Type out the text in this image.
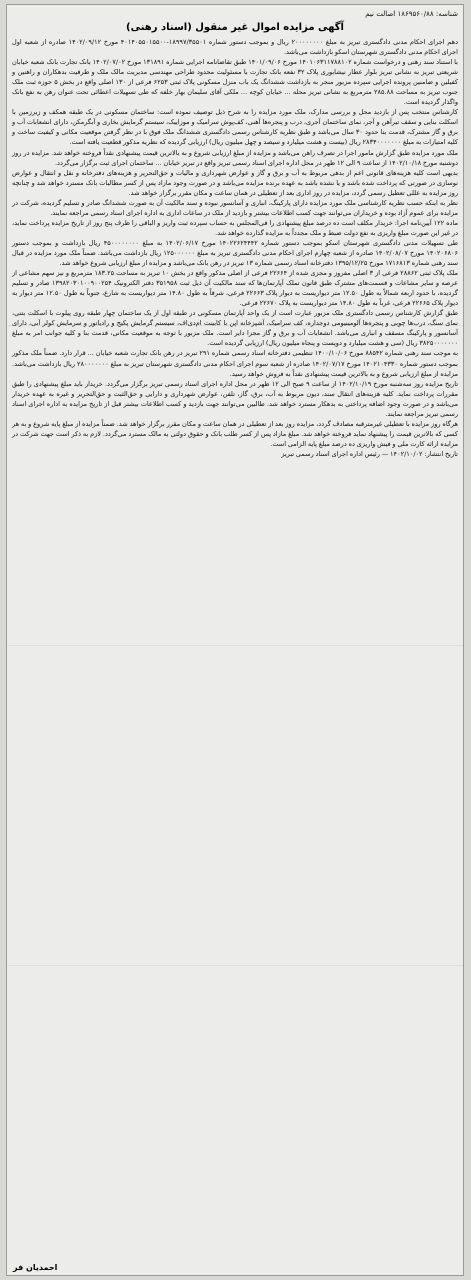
شناسه: ۱۸۶۹۵۶۰/۸۸ اصالت نیم
آگهی مزایده اموال غیر منقول (اسناد رهنی)

دهم اجرای احکام مدنی دادگستری تبریز به مبلغ ۲۰۰۰۰۰۰۰۰ ریال و بموجب دستور شماره ۱۸۹۹۷/۳۵۵۰۱-۴۰۱۴۰۵۵۰۱۵۵۰۰ مورخ ۱۴۰۲/۰۹/۱۲ صادره از شعبه اول اجرای احکام مدنی دادگستری شهرستان اسکو بازداشت می‌باشد.

با استناد سند رهنی و درخواست شماره ۱۴۰۱۰۶۳۱۱۷۸۸۱۰۲ مورخ ۱۴۰۱/۰۹/۰۶ طبق تقاضانامه اجرایی شماره ۱۳۱۸۹۱ مورخ ۱۴۰۲/۰۷/۰۲ بانک تجارت بانک شعبه خیابان شریعتی تبریز به نشانی تبریز بلوار عطار نیشابوری پلاک ۳۲ نفعه بانک تجارت با مسئولیت محدود طراحی مهندسی مدیریت مالک ملک و طرفیت بدهکاران و راهنین و کفیلین و ضامنین پرونده اجرایی سپرده مزبور منجر به بازداشت ششدانگ یک باب منزل مسکونی پلاک ثبتی ۶۲۵۳ فرعی از ۱۳۰ اصلی واقع در بخش ۵ حوزه ثبت ملک جنوب تبریز به مساحت ۲۸۵.۸۸ مترمربع به نشانی تبریز محله ... خیابان کوچه ... ملکی آقای سلیمان بهار خلفه که طی تسهیلات اعطائی تحت عنوان رهن به نفع بانک واگذار گردیده است.

کارشناس منتخب پس از بازدید محل و بررسی مدارک، ملک مورد مزایده را به شرح ذیل توصیف نموده است: ساختمان مسکونی در یک طبقه همکف و زیرزمین با اسکلت بنایی و سقف تیرآهن و آجر، نمای ساختمان آجری، درب و پنجره‌ها آهنی، کف‌پوش سرامیک و موزاییک، سیستم گرمایش بخاری و آبگرمکن، دارای انشعابات آب و برق و گاز مشترک، قدمت بنا حدود ۳۰ سال می‌باشد و طبق نظریه کارشناس رسمی دادگستری ششدانگ ملک فوق با در نظر گرفتن موقعیت مکانی و کیفیت ساخت و کلیه امتیازات به مبلغ ۲۸۳۴۰۰۰۰۰۰۰ ریال (بیست و هشت میلیارد و سیصد و چهل میلیون ریال) ارزیابی گردیده که نظریه مذکور قطعیت یافته است.

ملک مورد مزایده طبق گزارش مامور اجرا در تصرف راهن می‌باشد و مزایده از مبلغ ارزیابی شروع و به بالاترین قیمت پیشنهادی نقداً فروخته خواهد شد. مزایده در روز دوشنبه مورخ ۱۴۰۲/۱۰/۱۸ از ساعت ۹ الی ۱۲ ظهر در محل اداره اجرای اسناد رسمی تبریز واقع در تبریز خیابان ... ساختمان اجرای ثبت برگزار می‌گردد.

بدیهی است کلیه هزینه‌های قانونی اعم از بدهی مربوط به آب و برق و گاز و عوارض شهرداری و مالیات و حق‌التحریر و هزینه‌های دفترخانه و نقل و انتقال و عوارض نوسازی در صورتی که پرداخت شده باشد و یا نشده باشد به عهده برنده مزایده می‌باشد و در صورت وجود مازاد پس از کسر مطالبات بانک مسترد خواهد شد و چنانچه روز مزایده به عللی تعطیل رسمی گردد، مزایده در روز اداری بعد از تعطیلی در همان ساعت و مکان مقرر برگزار خواهد شد.

نظر به اینکه حسب نظریه کارشناسی ملک مورد مزایده دارای پارکینگ، انباری و آسانسور نبوده و سند مالکیت آن به صورت ششدانگ صادر و تسلیم گردیده، شرکت در مزایده برای عموم آزاد بوده و خریداران می‌توانند جهت کسب اطلاعات بیشتر و بازدید از ملک در ساعات اداری به اداره اجرای اسناد رسمی مراجعه نمایند.

ماده ۱۲۲ آیین‌نامه اجرا: خریدار مکلف است ده درصد مبلغ پیشنهادی را فی‌المجلس به حساب سپرده ثبت واریز و الباقی را ظرف پنج روز از تاریخ مزایده پرداخت نماید، در غیر این صورت مبلغ واریزی به نفع دولت ضبط و ملک مجدداً به مزایده گذارده خواهد شد.

طی تسهیلات مدنی دادگستری شهرستان اسکو بموجب دستور شماره ۱۴۰۲۲۶۲۴۴۴۲ مورخ ۱۴۰۲/۰۶/۱۷ به مبلغ ۴۵۰۰۰۰۰۰۰۰ ریال بازداشت و بموجب دستور ۱۴۰۲۰۶۸۰۶ مورخ ۱۴۰۲/۰۸/۰۷ صادره از شعبه چهارم اجرای احکام مدنی دادگستری تبریز به مبلغ ۱۲۵۰۰۰۰۰۰ ریال بازداشت می‌باشد. ضمناً ملک مورد مزایده در قبال سند رهنی شماره ۱۷۱۶۸۱۳ مورخ ۱۳۹۵/۱۲/۲۵ دفترخانه اسناد رسمی شماره ۱۳ تبریز در رهن بانک می‌باشد و مزایده از مبلغ ارزیابی شروع خواهد شد.

ملک پلاک ثبتی ۲۸۸۶۲ فرعی از ۳ اصلی مفروز و مجزی شده از ۲۲۶۶۴ فرعی از اصلی مذکور واقع در بخش ۱۰ تبریز به مساحت ۱۸۳.۲۵ مترمربع و نیز سهم مشاعی از عرصه و سایر مشاعات و قسمت‌های مشترک طبق قانون تملک آپارتمان‌ها که سند مالکیت آن ذیل ثبت ۳۵۱۹۵۸ دفتر الکترونیک ۱۳۹۸۲۰۳۰۱۰۰۹۰۰۲۵۴ صادر و تسلیم گردیده، با حدود اربعه شمالاً به طول ۱۲.۵۰ متر دیواریست به دیوار پلاک ۲۲۶۶۳ فرعی، شرقاً به طول ۱۴.۸۰ متر دیواریست به شارع، جنوباً به طول ۱۲.۵۰ متر دیوار به دیوار پلاک ۲۲۶۶۵ فرعی، غرباً به طول ۱۴.۸۰ متر دیواریست به پلاک ۲۲۶۷۰ فرعی.

طبق گزارش کارشناس رسمی دادگستری ملک مزبور عبارت است از یک واحد آپارتمان مسکونی در طبقه اول از یک ساختمان چهار طبقه روی پیلوت با اسکلت بتنی، نمای سنگ، درب‌ها چوبی و پنجره‌ها آلومینیومی دوجداره، کف سرامیک، آشپزخانه اپن با کابینت ام‌دی‌اف، سیستم گرمایش پکیج و رادیاتور و سرمایش کولر آبی، دارای آسانسور و پارکینگ مسقف و انباری می‌باشد. انشعابات آب و برق و گاز مجزا دایر است. ملک مزبور با توجه به موقعیت مکانی، قدمت بنا و کلیه جوانب امر به مبلغ ۳۸۲۵۰۰۰۰۰۰۰ ریال (سی و هشت میلیارد و دویست و پنجاه میلیون ریال) ارزیابی گردیده است.

به موجب سند رهنی شماره ۸۸۵۴۲ مورخ ۱۴۰۰/۱۰/۰۶ تنظیمی دفترخانه اسناد رسمی شماره ۲۹۱ تبریز در رهن بانک تجارت شعبه خیابان ... قرار دارد. ضمناً ملک مذکور بموجب دستور شماره ۱۴۰۲۱۰۴۳۳۰ مورخ ۱۴۰۲/۰۷/۱۷ صادره از شعبه سوم اجرای احکام مدنی دادگستری شهرستان تبریز به مبلغ ۲۸۰۰۰۰۰۰۰ ریال بازداشت می‌باشد. مزایده از مبلغ ارزیابی شروع و به بالاترین قیمت پیشنهادی نقداً به فروش خواهد رسید.

تاریخ مزایده روز سه‌شنبه مورخ ۱۴۰۲/۱۰/۱۹ از ساعت ۹ صبح الی ۱۲ ظهر در محل اداره اجرای اسناد رسمی تبریز برگزار می‌گردد. خریدار باید مبلغ پیشنهادی را طبق مقررات پرداخت نماید. کلیه هزینه‌های انتقال سند، دیون مربوط به آب، برق، گاز، تلفن، عوارض شهرداری و دارایی و حق‌الثبت و حق‌التحریر و غیره به عهده خریدار می‌باشد و در صورت وجود اضافه پرداختی به بدهکار مسترد خواهد شد. طالبین می‌توانند جهت بازدید و کسب اطلاعات بیشتر قبل از تاریخ مزایده به اداره اجرای اسناد رسمی تبریز مراجعه نمایند.

هرگاه روز مزایده با تعطیلی غیرمترقبه مصادف گردد، مزایده روز بعد از تعطیلی در همان ساعت و مکان مقرر برگزار خواهد شد. ضمناً مزایده از مبلغ پایه شروع و به هر کسی که بالاترین قیمت را پیشنهاد نماید فروخته خواهد شد. مبلغ مازاد پس از کسر طلب بانک و حقوق دولتی به مالک مسترد می‌گردد. لازم به ذکر است جهت شرکت در مزایده ارائه کارت ملی و فیش واریزی ده درصد مبلغ پایه الزامی است.

تاریخ انتشار: ۱۴۰۲/۱۰/۰۲ — رئیس اداره اجرای اسناد رسمی تبریز

احمدیان فر
